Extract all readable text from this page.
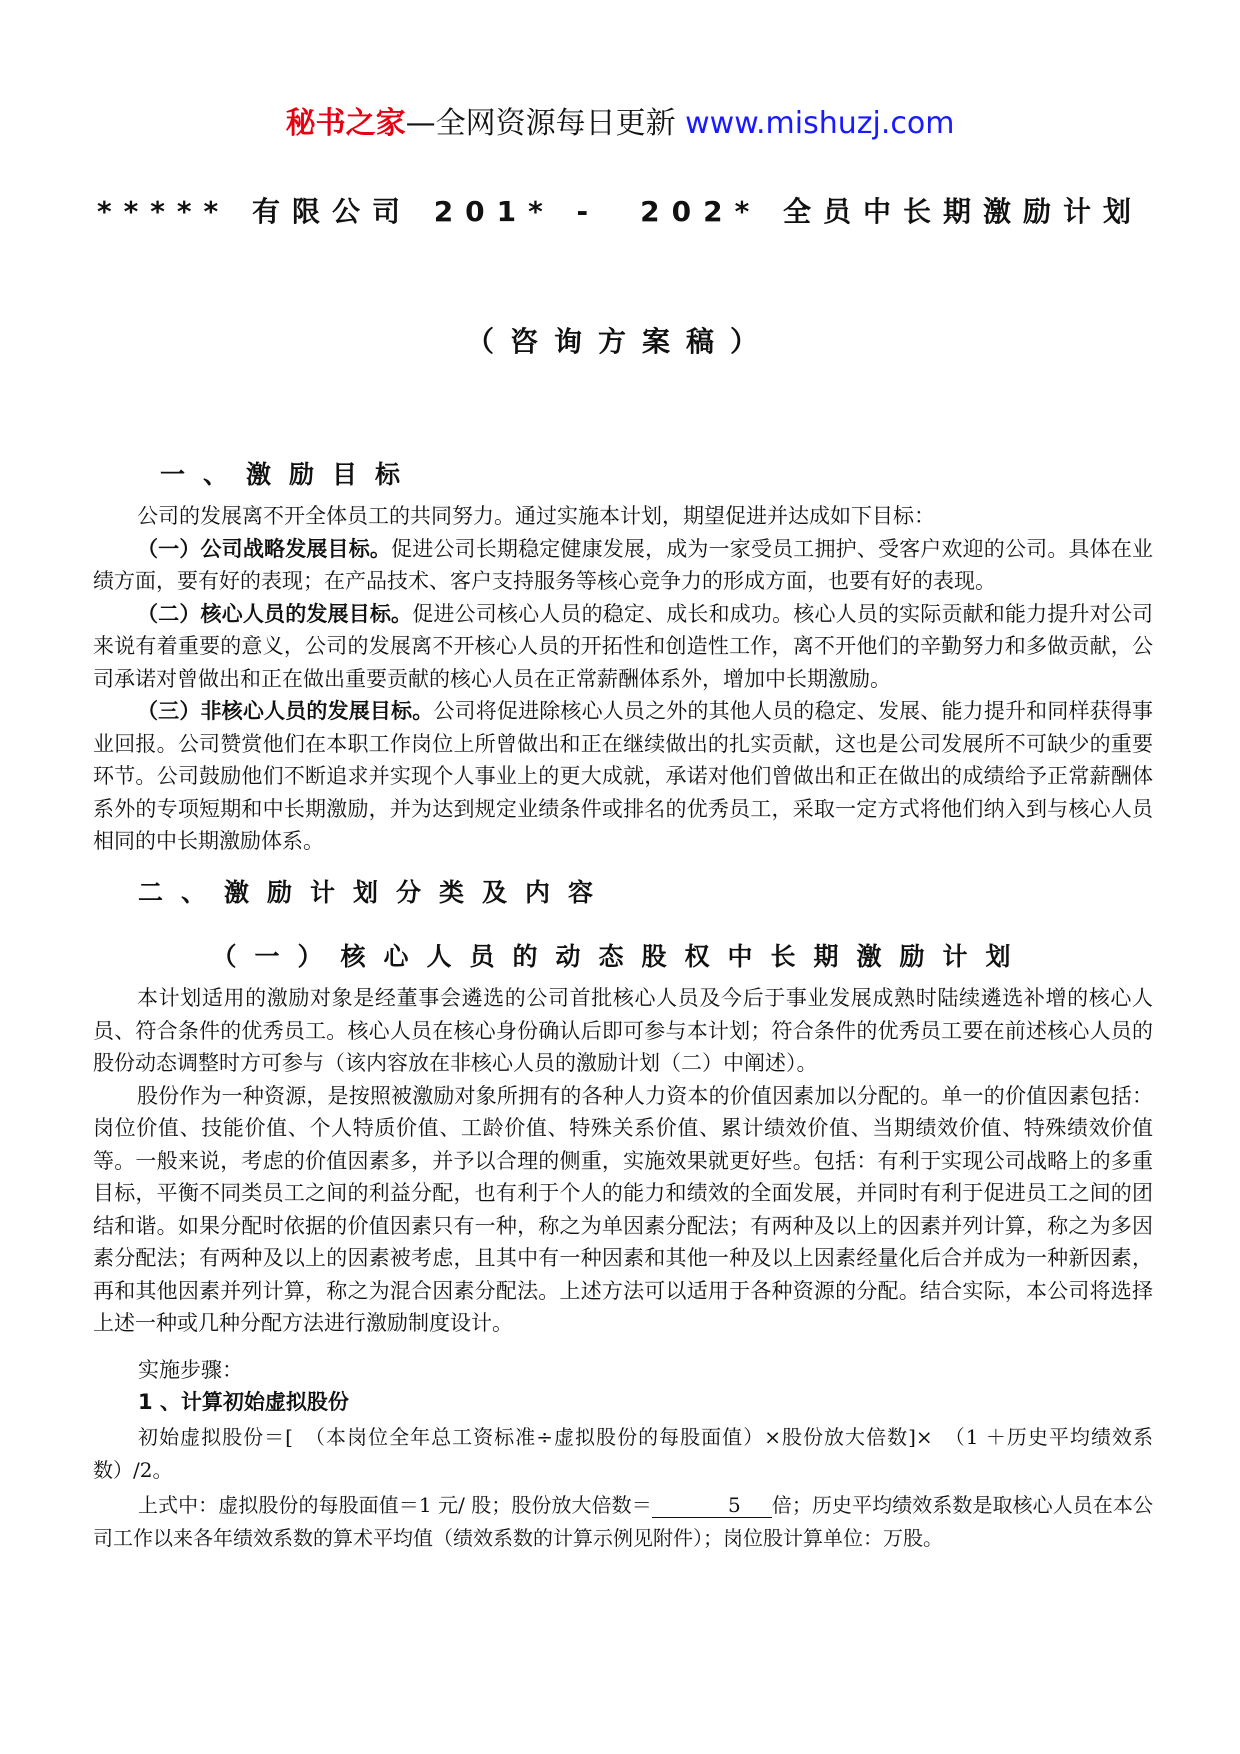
秘书之家—全网资源每日更新 www.mishuzj.com
***** 有限公司 201* -　202* 全员中长期激励计划
（咨询方案稿）
一、激励目标

公司的发展离不开全体员工的共同努力。通过实施本计划，期望促进并达成如下目标：

（一）公司战略发展目标。促进公司长期稳定健康发展，成为一家受员工拥护、受客户欢迎的公司。具体在业绩方面，要有好的表现；在产品技术、客户支持服务等核心竞争力的形成方面，也要有好的表现。

（二）核心人员的发展目标。促进公司核心人员的稳定、成长和成功。核心人员的实际贡献和能力提升对公司来说有着重要的意义，公司的发展离不开核心人员的开拓性和创造性工作，离不开他们的辛勤努力和多做贡献，公司承诺对曾做出和正在做出重要贡献的核心人员在正常薪酬体系外，增加中长期激励。

（三）非核心人员的发展目标。公司将促进除核心人员之外的其他人员的稳定、发展、能力提升和同样获得事业回报。公司赞赏他们在本职工作岗位上所曾做出和正在继续做出的扎实贡献，这也是公司发展所不可缺少的重要环节。公司鼓励他们不断追求并实现个人事业上的更大成就，承诺对他们曾做出和正在做出的成绩给予正常薪酬体系外的专项短期和中长期激励，并为达到规定业绩条件或排名的优秀员工，采取一定方式将他们纳入到与核心人员相同的中长期激励体系。

二、激励计划分类及内容
（一）核心人员的动态股权中长期激励计划

本计划适用的激励对象是经董事会遴选的公司首批核心人员及今后于事业发展成熟时陆续遴选补增的核心人员、符合条件的优秀员工。核心人员在核心身份确认后即可参与本计划；符合条件的优秀员工要在前述核心人员的股份动态调整时方可参与（该内容放在非核心人员的激励计划（二）中阐述）。

股份作为一种资源，是按照被激励对象所拥有的各种人力资本的价值因素加以分配的。单一的价值因素包括：岗位价值、技能价值、个人特质价值、工龄价值、特殊关系价值、累计绩效价值、当期绩效价值、特殊绩效价值等。一般来说，考虑的价值因素多，并予以合理的侧重，实施效果就更好些。包括：有利于实现公司战略上的多重目标，平衡不同类员工之间的利益分配，也有利于个人的能力和绩效的全面发展，并同时有利于促进员工之间的团结和谐。如果分配时依据的价值因素只有一种，称之为单因素分配法；有两种及以上的因素并列计算，称之为多因素分配法；有两种及以上的因素被考虑，且其中有一种因素和其他一种及以上因素经量化后合并成为一种新因素，再和其他因素并列计算，称之为混合因素分配法。上述方法可以适用于各种资源的分配。结合实际，本公司将选择上述一种或几种分配方法进行激励制度设计。

实施步骤：
1 、计算初始虚拟股份

初始虚拟股份＝[　（本岗位全年总工资标准÷虚拟股份的每股面值）×股份放大倍数]×　（1 ＋历史平均绩效系数）/2。

上式中：虚拟股份的每股面值＝1 元/ 股；股份放大倍数＝	5 倍；历史平均绩效系数是取核心人员在本公司工作以来各年绩效系数的算术平均值（绩效系数的计算示例见附件）；岗位股计算单位：万股。
